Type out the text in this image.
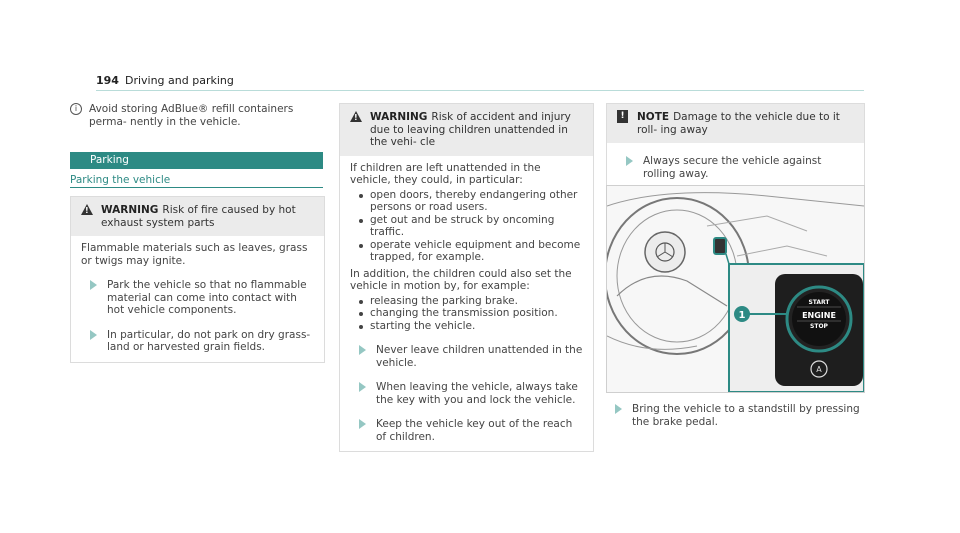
194 Driving and parking
i	Avoid storing AdBlue® refill containers perma- nently in the vehicle.
Parking
Parking the vehicle
!
WARNING Risk of fire caused by hot exhaust system parts
Flammable materials such as leaves, grass or twigs may ignite.
Park the vehicle so that no flammable material can come into contact with hot vehicle components.
In particular, do not park on dry grass- land or harvested grain fields.
!
WARNING Risk of accident and injury due to leaving children unattended in the vehi- cle
If children are left unattended in the vehicle, they could, in particular:
open doors, thereby endangering other persons or road users.
get out and be struck by oncoming traffic.
operate vehicle equipment and become trapped, for example.
In addition, the children could also set the vehicle in motion by, for example:
releasing the parking brake.
changing the transmission position.
starting the vehicle.
Never leave children unattended in the vehicle.
When leaving the vehicle, always take the key with you and lock the vehicle.
Keep the vehicle key out of the reach of children.
!	NOTE Damage to the vehicle due to it roll- ing away
Always secure the vehicle against rolling away.
START
ENGINE
STOP
A
1
Bring the vehicle to a standstill by pressing the brake pedal.
